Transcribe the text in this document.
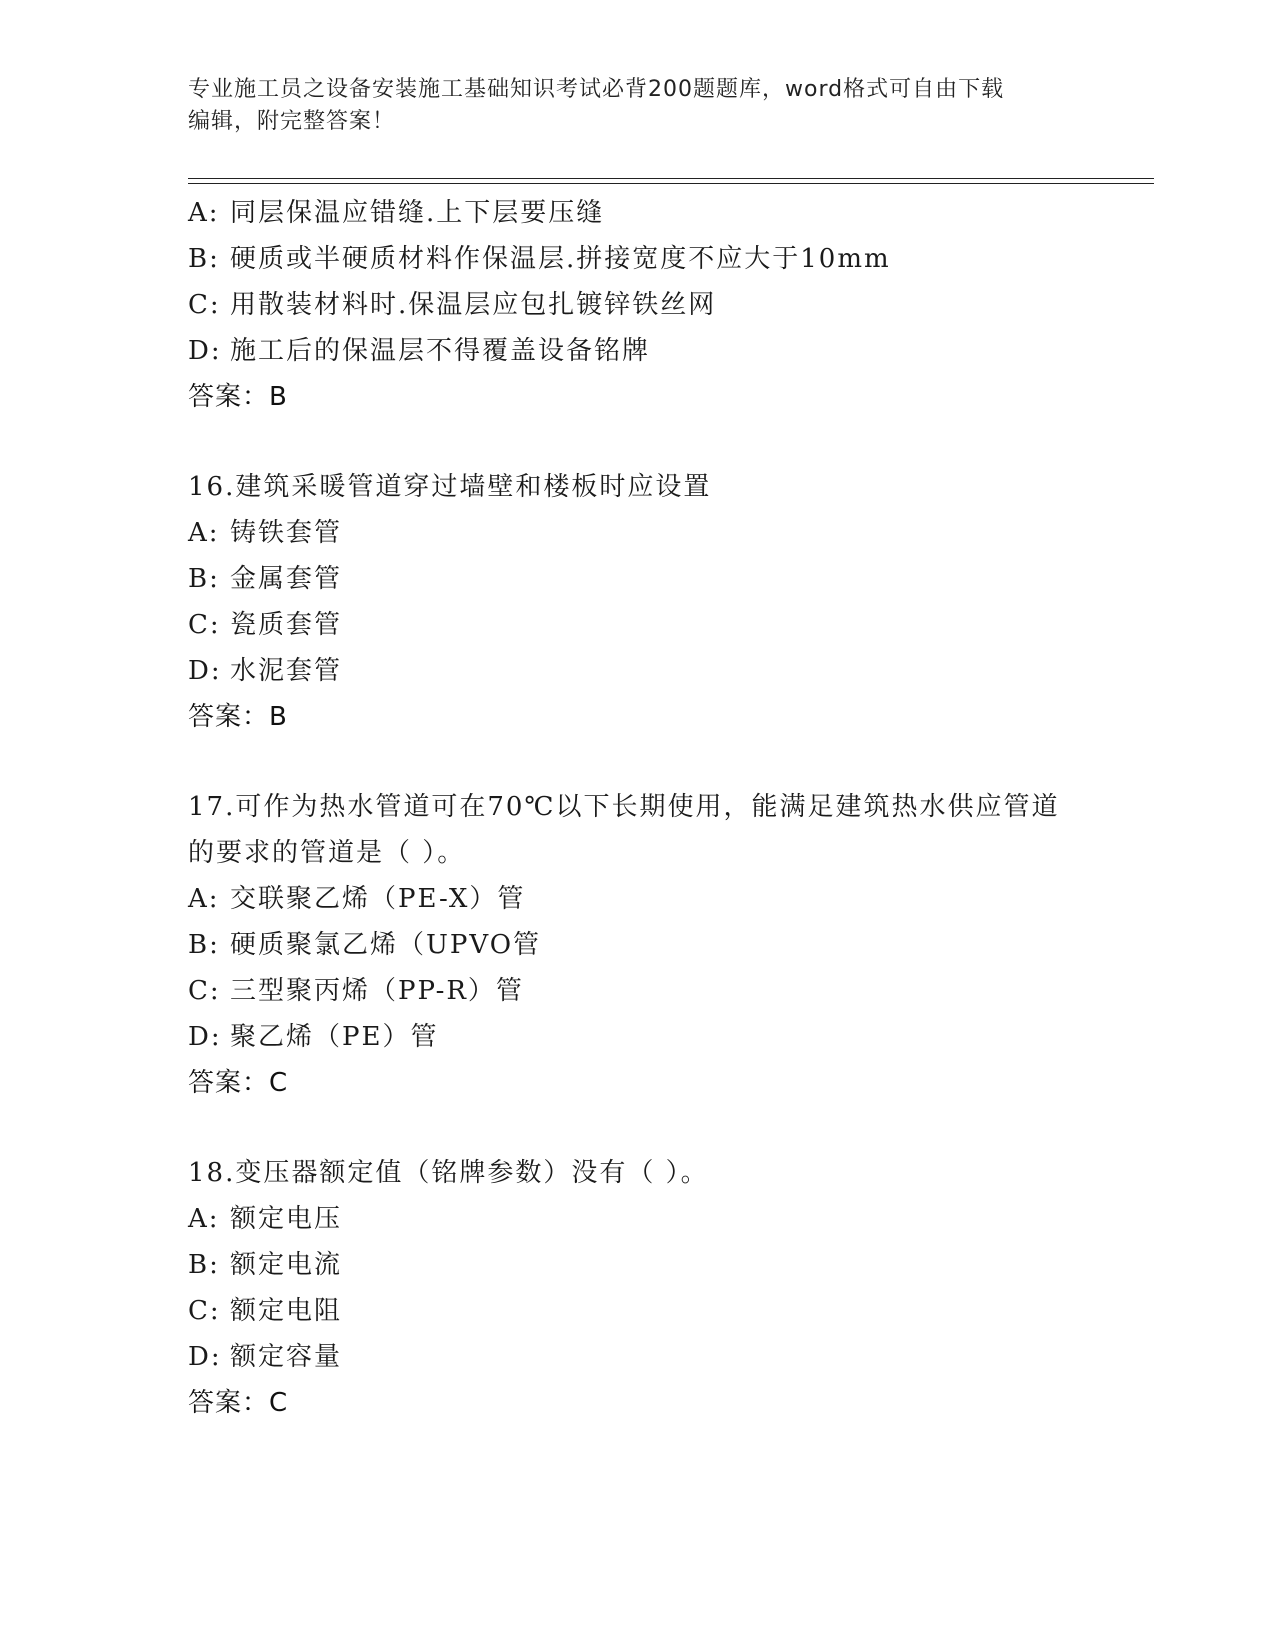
专业施工员之设备安装施工基础知识考试必背200题题库，word格式可自由下载
编辑，附完整答案！
A: 同层保温应错缝.上下层要压缝
B: 硬质或半硬质材料作保温层.拼接宽度不应大于10mm
C: 用散装材料时.保温层应包扎镀锌铁丝网
D: 施工后的保温层不得覆盖设备铭牌
答案：B
16.建筑采暖管道穿过墙壁和楼板时应设置
A: 铸铁套管
B: 金属套管
C: 瓷质套管
D: 水泥套管
答案：B
17.可作为热水管道可在70℃以下长期使用，能满足建筑热水供应管道
的要求的管道是（ ）。
A: 交联聚乙烯（PE-X）管
B: 硬质聚氯乙烯（UPVO管
C: 三型聚丙烯（PP-R）管
D: 聚乙烯（PE）管
答案：C
18.变压器额定值（铭牌参数）没有（ ）。
A: 额定电压
B: 额定电流
C: 额定电阻
D: 额定容量
答案：C
